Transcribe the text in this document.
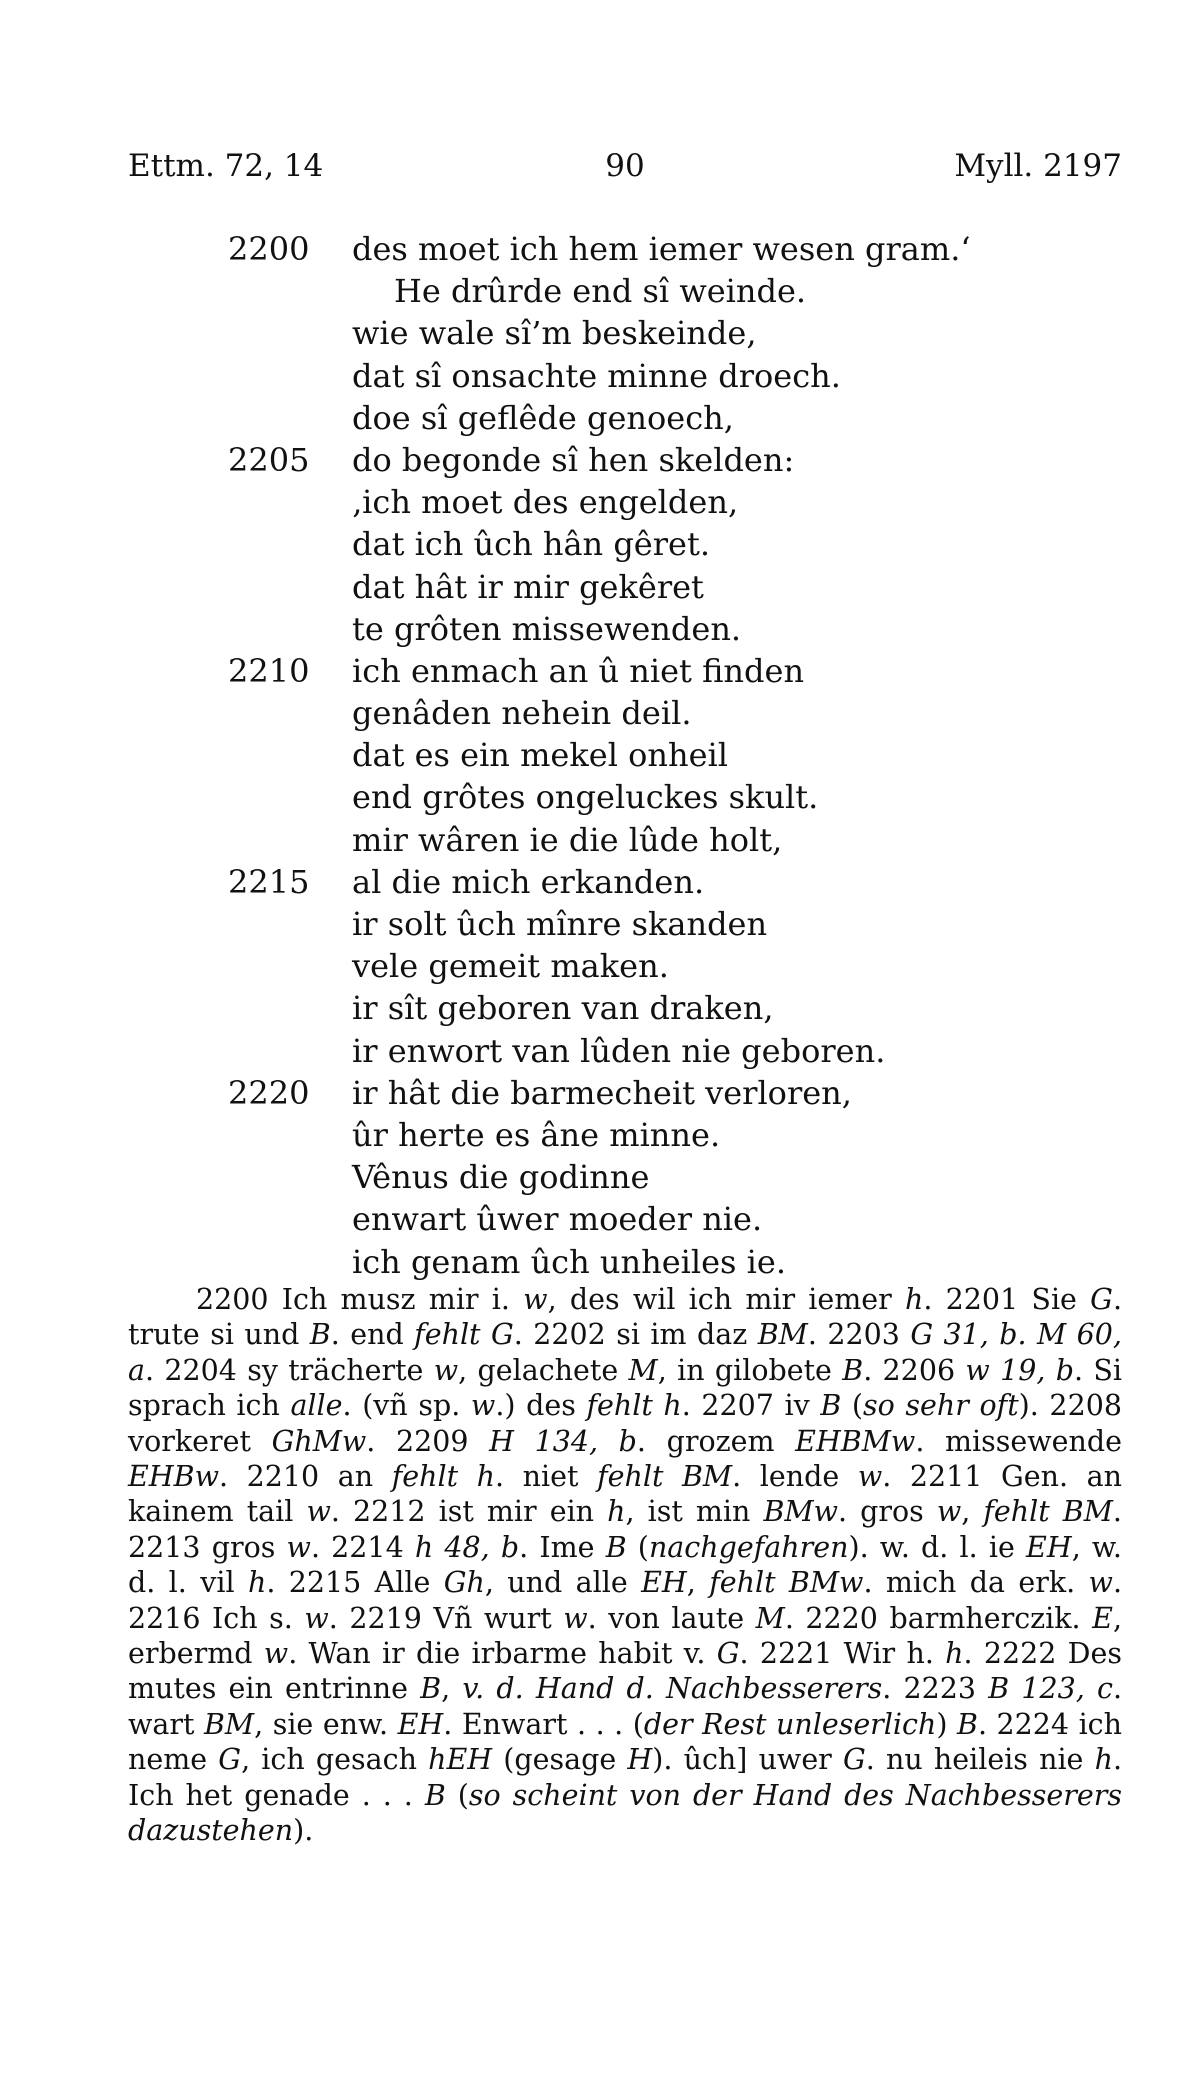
Ettm. 72, 14	90	Myll. 2197
2200 des moet ich hem iemer wesen gram.‘
He drûrde end sî weinde.
wie wale sî’m beskeinde,
dat sî onsachte minne droech.
doe sî geflêde genoech,
2205 do begonde sî hen skelden:
‚ich moet des engelden,
dat ich ûch hân gêret.
dat hât ir mir gekêret
te grôten missewenden.
2210 ich enmach an û niet finden
genâden nehein deil.
dat es ein mekel onheil
end grôtes ongeluckes skult.
mir wâren ie die lûde holt,
2215 al die mich erkanden.
ir solt ûch mînre skanden
vele gemeit maken.
ir sît geboren van draken,
ir enwort van lûden nie geboren.
2220 ir hât die barmecheit verloren,
ûr herte es âne minne.
Vênus die godinne
enwart ûwer moeder nie.
ich genam ûch unheiles ie.

2200 Ich musz mir i. w, des wil ich mir iemer h. 2201 Sie G. trute si und B. end fehlt G. 2202 si im daz BM. 2203 G 31, b. M 60, a. 2204 sy trächerte w, gelachete M, in gilobete B. 2206 w 19, b. Si sprach ich alle. (vñ sp. w.) des fehlt h. 2207 iv B (so sehr oft). 2208 vorkeret GhMw. 2209 H 134, b. grozem EHBMw. missewende EHBw. 2210 an fehlt h. niet fehlt BM. lende w. 2211 Gen. an kainem tail w. 2212 ist mir ein h, ist min BMw. gros w, fehlt BM. 2213 gros w. 2214 h 48, b. Ime B (nachgefahren). w. d. l. ie EH, w. d. l. vil h. 2215 Alle Gh, und alle EH, fehlt BMw. mich da erk. w. 2216 Ich s. w. 2219 Vñ wurt w. von laute M. 2220 barmherczik. E, erbermd w. Wan ir die irbarme habit v. G. 2221 Wir h. h. 2222 Des mutes ein entrinne B, v. d. Hand d. Nachbesserers. 2223 B 123, c. wart BM, sie enw. EH. Enwart . . . (der Rest unleserlich) B. 2224 ich neme G, ich gesach hEH (gesage H). ûch] uwer G. nu heileis nie h. Ich het genade . . . B (so scheint von der Hand des Nachbesserers dazustehen).
